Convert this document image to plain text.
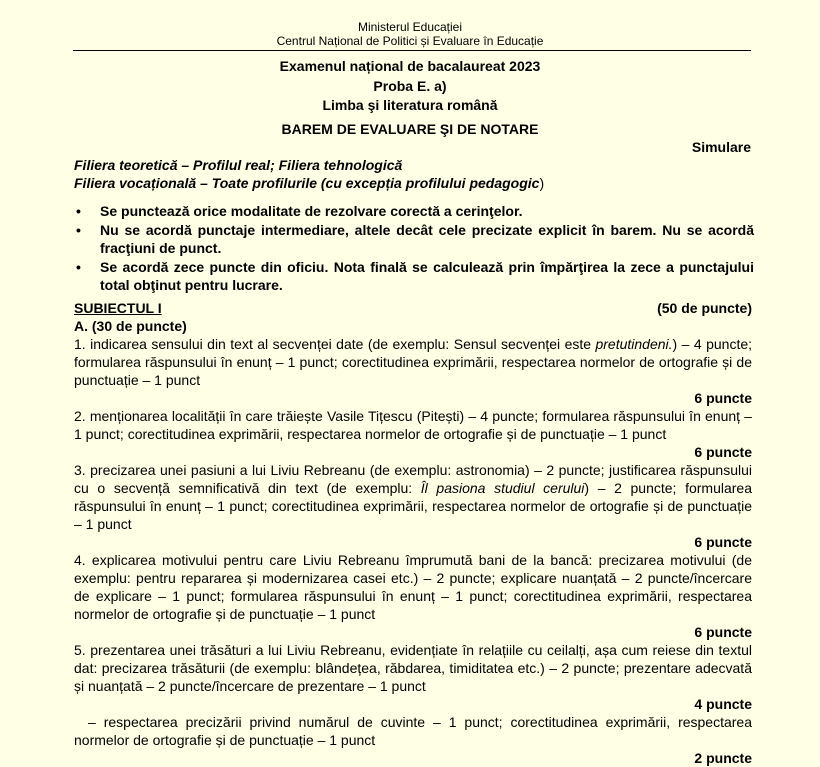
Ministerul Educației
Centrul Național de Politici și Evaluare în Educație
Examenul național de bacalaureat 2023
Proba E. a)
Limba şi literatura română
BAREM DE EVALUARE ŞI DE NOTARE
Simulare
Filiera teoretică – Profilul real; Filiera tehnologică
Filiera vocațională – Toate profilurile (cu excepția profilului pedagogic)
• Se punctează orice modalitate de rezolvare corectă a cerinţelor.
• Nu se acordă punctaje intermediare, altele decât cele precizate explicit în barem. Nu se acordă fracţiuni de punct.
• Se acordă zece puncte din oficiu. Nota finală se calculează prin împărţirea la zece a punctajului total obţinut pentru lucrare.
SUBIECTUL I	(50 de puncte)
A. (30 de puncte)
1. indicarea sensului din text al secvenței date (de exemplu: Sensul secvenței este pretutindeni.) – 4 puncte; formularea răspunsului în enunț – 1 punct; corectitudinea exprimării, respectarea normelor de ortografie și de punctuație – 1 punct
6 puncte
2. menționarea localității în care trăiește Vasile Tițescu (Pitești) – 4 puncte; formularea răspunsului în enunț – 1 punct; corectitudinea exprimării, respectarea normelor de ortografie și de punctuație – 1 punct
6 puncte
3. precizarea unei pasiuni a lui Liviu Rebreanu (de exemplu: astronomia) – 2 puncte; justificarea răspunsului cu o secvență semnificativă din text (de exemplu: Îl pasiona studiul cerului) – 2 puncte; formularea răspunsului în enunț – 1 punct; corectitudinea exprimării, respectarea normelor de ortografie și de punctuație – 1 punct
6 puncte
4. explicarea motivului pentru care Liviu Rebreanu împrumută bani de la bancă: precizarea motivului (de exemplu: pentru repararea și modernizarea casei etc.) – 2 puncte; explicare nuanțată – 2 puncte/încercare de explicare – 1 punct; formularea răspunsului în enunț – 1 punct; corectitudinea exprimării, respectarea normelor de ortografie și de punctuație – 1 punct
6 puncte
5. prezentarea unei trăsături a lui Liviu Rebreanu, evidențiate în relațiile cu ceilalți, așa cum reiese din textul dat: precizarea trăsăturii (de exemplu: blândețea, răbdarea, timiditatea etc.) – 2 puncte; prezentare adecvată și nuanțată – 2 puncte/încercare de prezentare – 1 punct
4 puncte
– respectarea precizării privind numărul de cuvinte – 1 punct; corectitudinea exprimării, respectarea normelor de ortografie și de punctuație – 1 punct
2 puncte
